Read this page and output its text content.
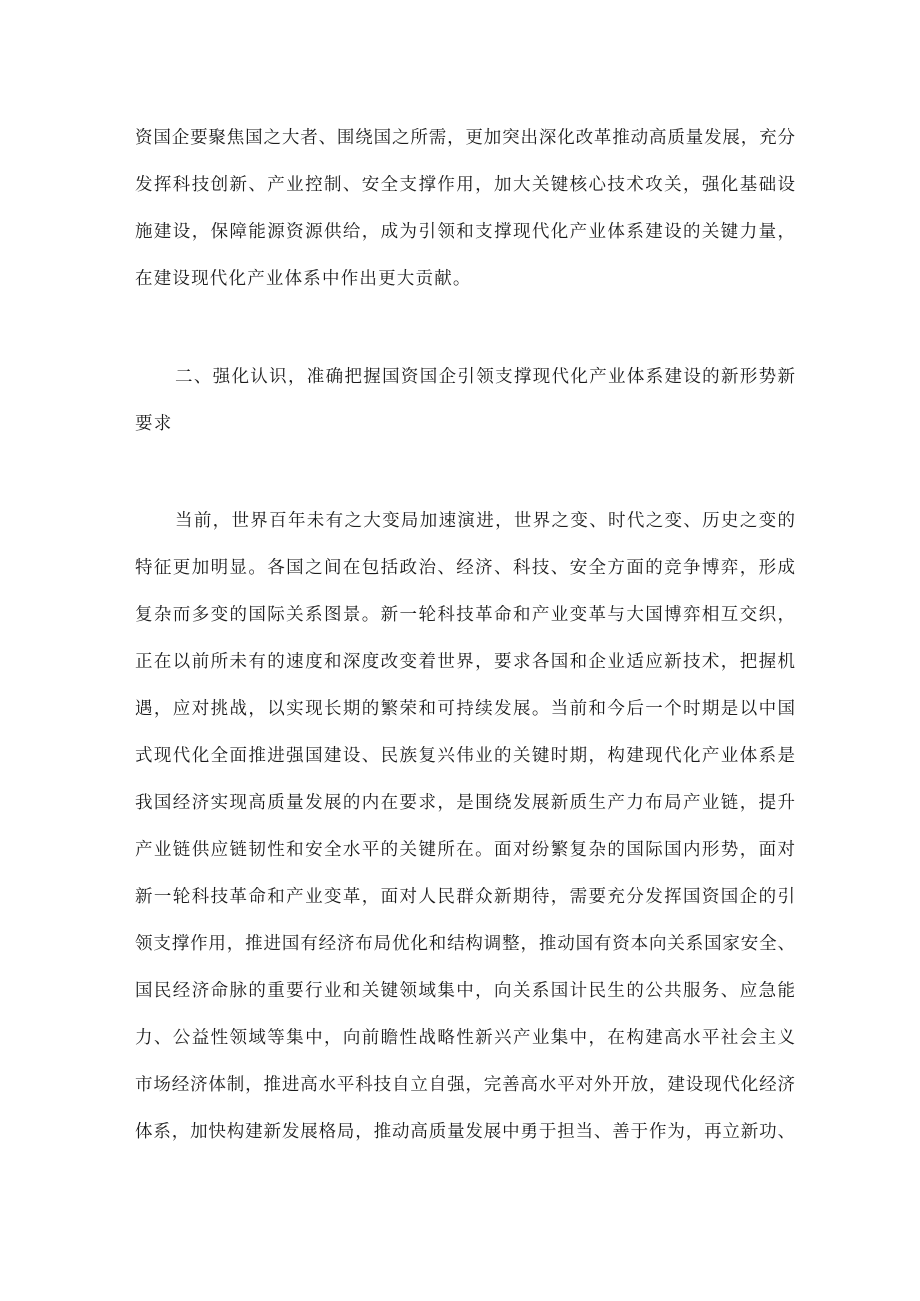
资国企要聚焦国之大者、围绕国之所需，更加突出深化改革推动高质量发展，充分
发挥科技创新、产业控制、安全支撑作用，加大关键核心技术攻关，强化基础设
施建设，保障能源资源供给，成为引领和支撑现代化产业体系建设的关键力量，
在建设现代化产业体系中作出更大贡献。
二、强化认识，准确把握国资国企引领支撑现代化产业体系建设的新形势新
要求
当前，世界百年未有之大变局加速演进，世界之变、时代之变、历史之变的
特征更加明显。各国之间在包括政治、经济、科技、安全方面的竞争博弈，形成
复杂而多变的国际关系图景。新一轮科技革命和产业变革与大国博弈相互交织，
正在以前所未有的速度和深度改变着世界，要求各国和企业适应新技术，把握机
遇，应对挑战，以实现长期的繁荣和可持续发展。当前和今后一个时期是以中国
式现代化全面推进强国建设、民族复兴伟业的关键时期，构建现代化产业体系是
我国经济实现高质量发展的内在要求，是围绕发展新质生产力布局产业链，提升
产业链供应链韧性和安全水平的关键所在。面对纷繁复杂的国际国内形势，面对
新一轮科技革命和产业变革，面对人民群众新期待，需要充分发挥国资国企的引
领支撑作用，推进国有经济布局优化和结构调整，推动国有资本向关系国家安全、
国民经济命脉的重要行业和关键领域集中，向关系国计民生的公共服务、应急能
力、公益性领域等集中，向前瞻性战略性新兴产业集中，在构建高水平社会主义
市场经济体制，推进高水平科技自立自强，完善高水平对外开放，建设现代化经济
体系，加快构建新发展格局，推动高质量发展中勇于担当、善于作为，再立新功、
